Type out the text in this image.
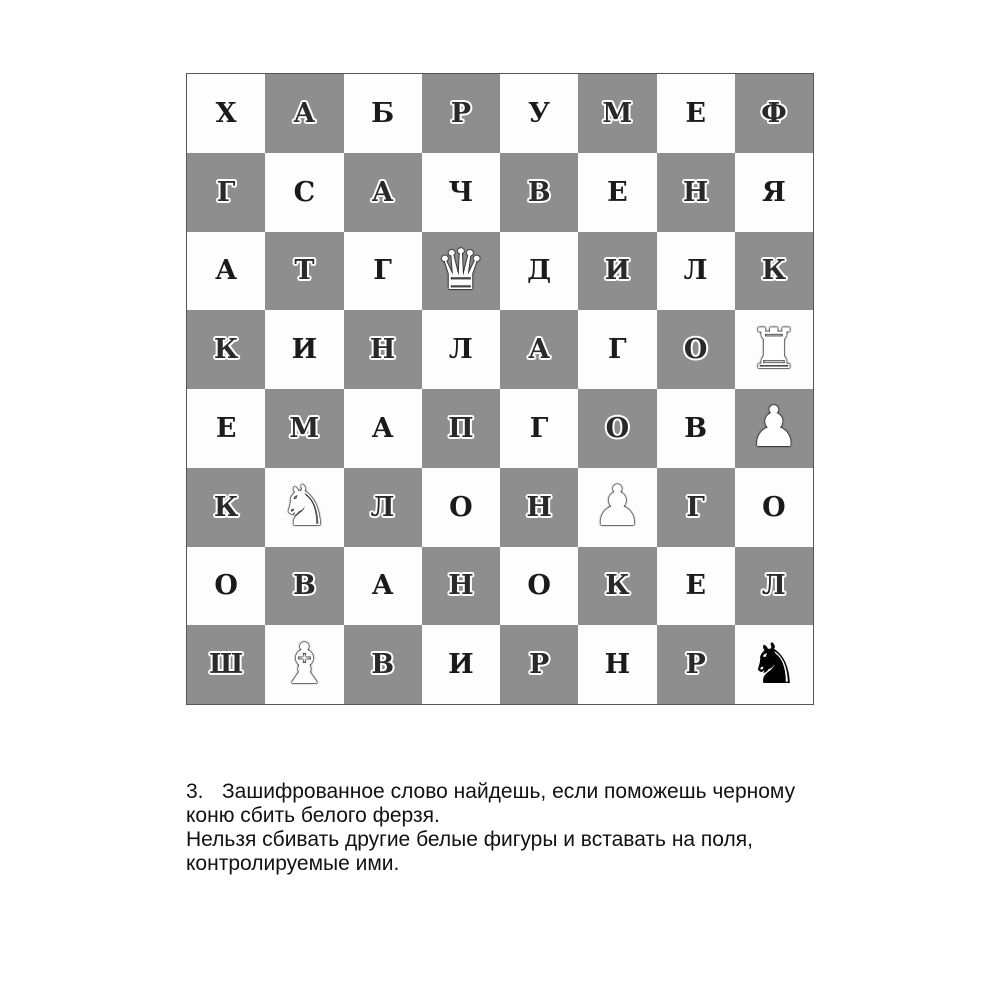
Х А Б Р У М Е Ф
Г С А Ч В Е Н Я
А Т Г ♛ Д И Л К
К И Н Л А Г О ♜
Е М А П Г О В ♟
К ♞ Л О Н ♟ Г О
О В А Н О К Е Л
Ш ♝ В И Р Н Р ♞

3. Зашифрованное слово найдешь, если поможешь черному коню сбить белого ферзя.

Нельзя сбивать другие белые фигуры и вставать на поля, контролируемые ими.
